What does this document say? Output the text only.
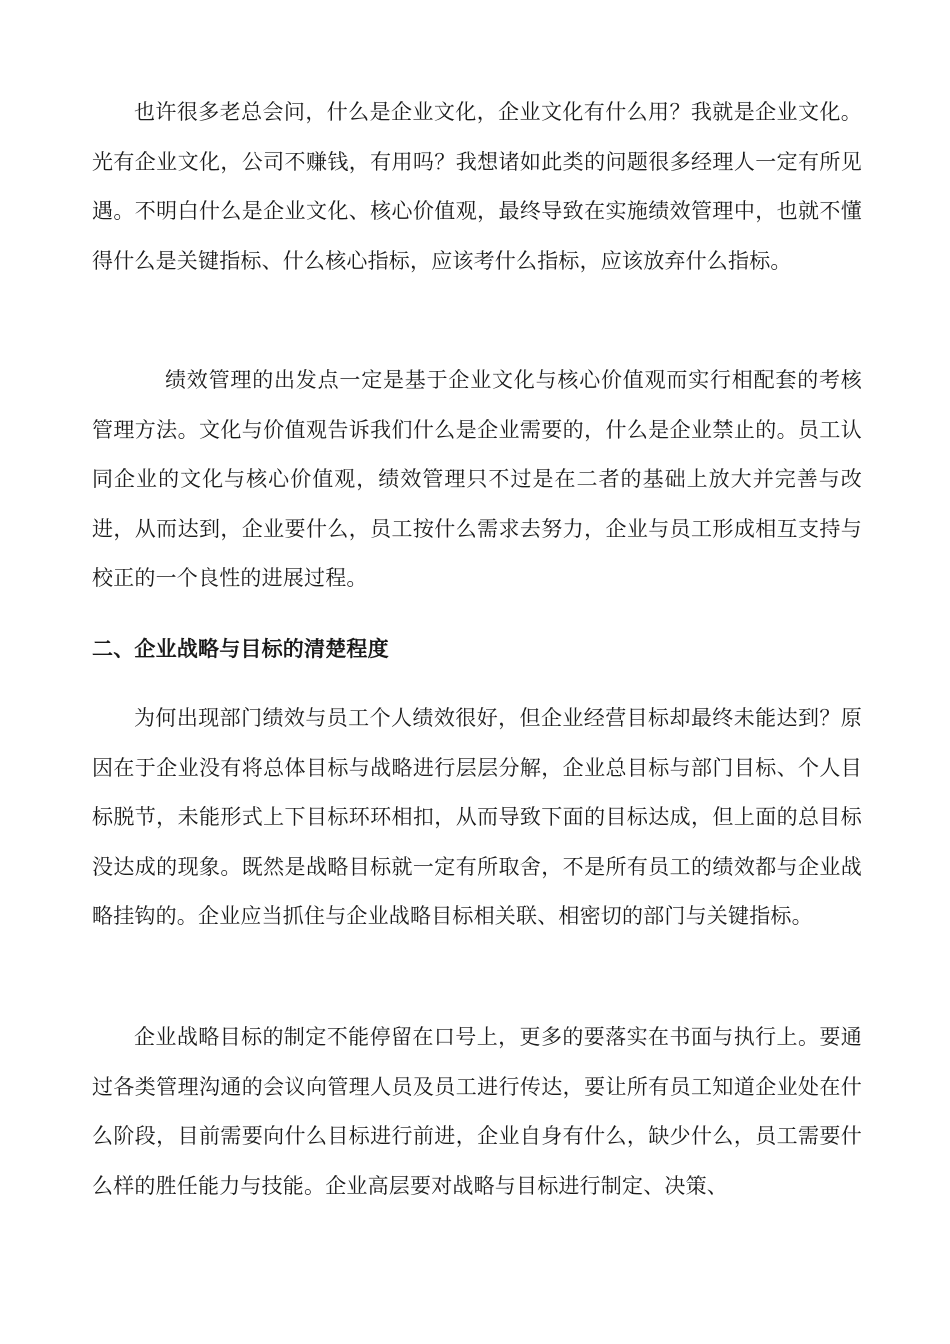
也许很多老总会问，什么是企业文化，企业文化有什么用？我就是企业文化。光有企业文化，公司不赚钱，有用吗？我想诸如此类的问题很多经理人一定有所见遇。不明白什么是企业文化、核心价值观，最终导致在实施绩效管理中，也就不懂得什么是关键指标、什么核心指标，应该考什么指标，应该放弃什么指标。

绩效管理的出发点一定是基于企业文化与核心价值观而实行相配套的考核管理方法。文化与价值观告诉我们什么是企业需要的，什么是企业禁止的。员工认同企业的文化与核心价值观，绩效管理只不过是在二者的基础上放大并完善与改进，从而达到，企业要什么，员工按什么需求去努力，企业与员工形成相互支持与校正的一个良性的进展过程。

二、企业战略与目标的清楚程度

为何出现部门绩效与员工个人绩效很好，但企业经营目标却最终未能达到？原因在于企业没有将总体目标与战略进行层层分解，企业总目标与部门目标、个人目标脱节，未能形式上下目标环环相扣，从而导致下面的目标达成，但上面的总目标没达成的现象。既然是战略目标就一定有所取舍，不是所有员工的绩效都与企业战略挂钩的。企业应当抓住与企业战略目标相关联、相密切的部门与关键指标。

企业战略目标的制定不能停留在口号上，更多的要落实在书面与执行上。要通过各类管理沟通的会议向管理人员及员工进行传达，要让所有员工知道企业处在什么阶段，目前需要向什么目标进行前进，企业自身有什么，缺少什么，员工需要什么样的胜任能力与技能。企业高层要对战略与目标进行制定、决策、
